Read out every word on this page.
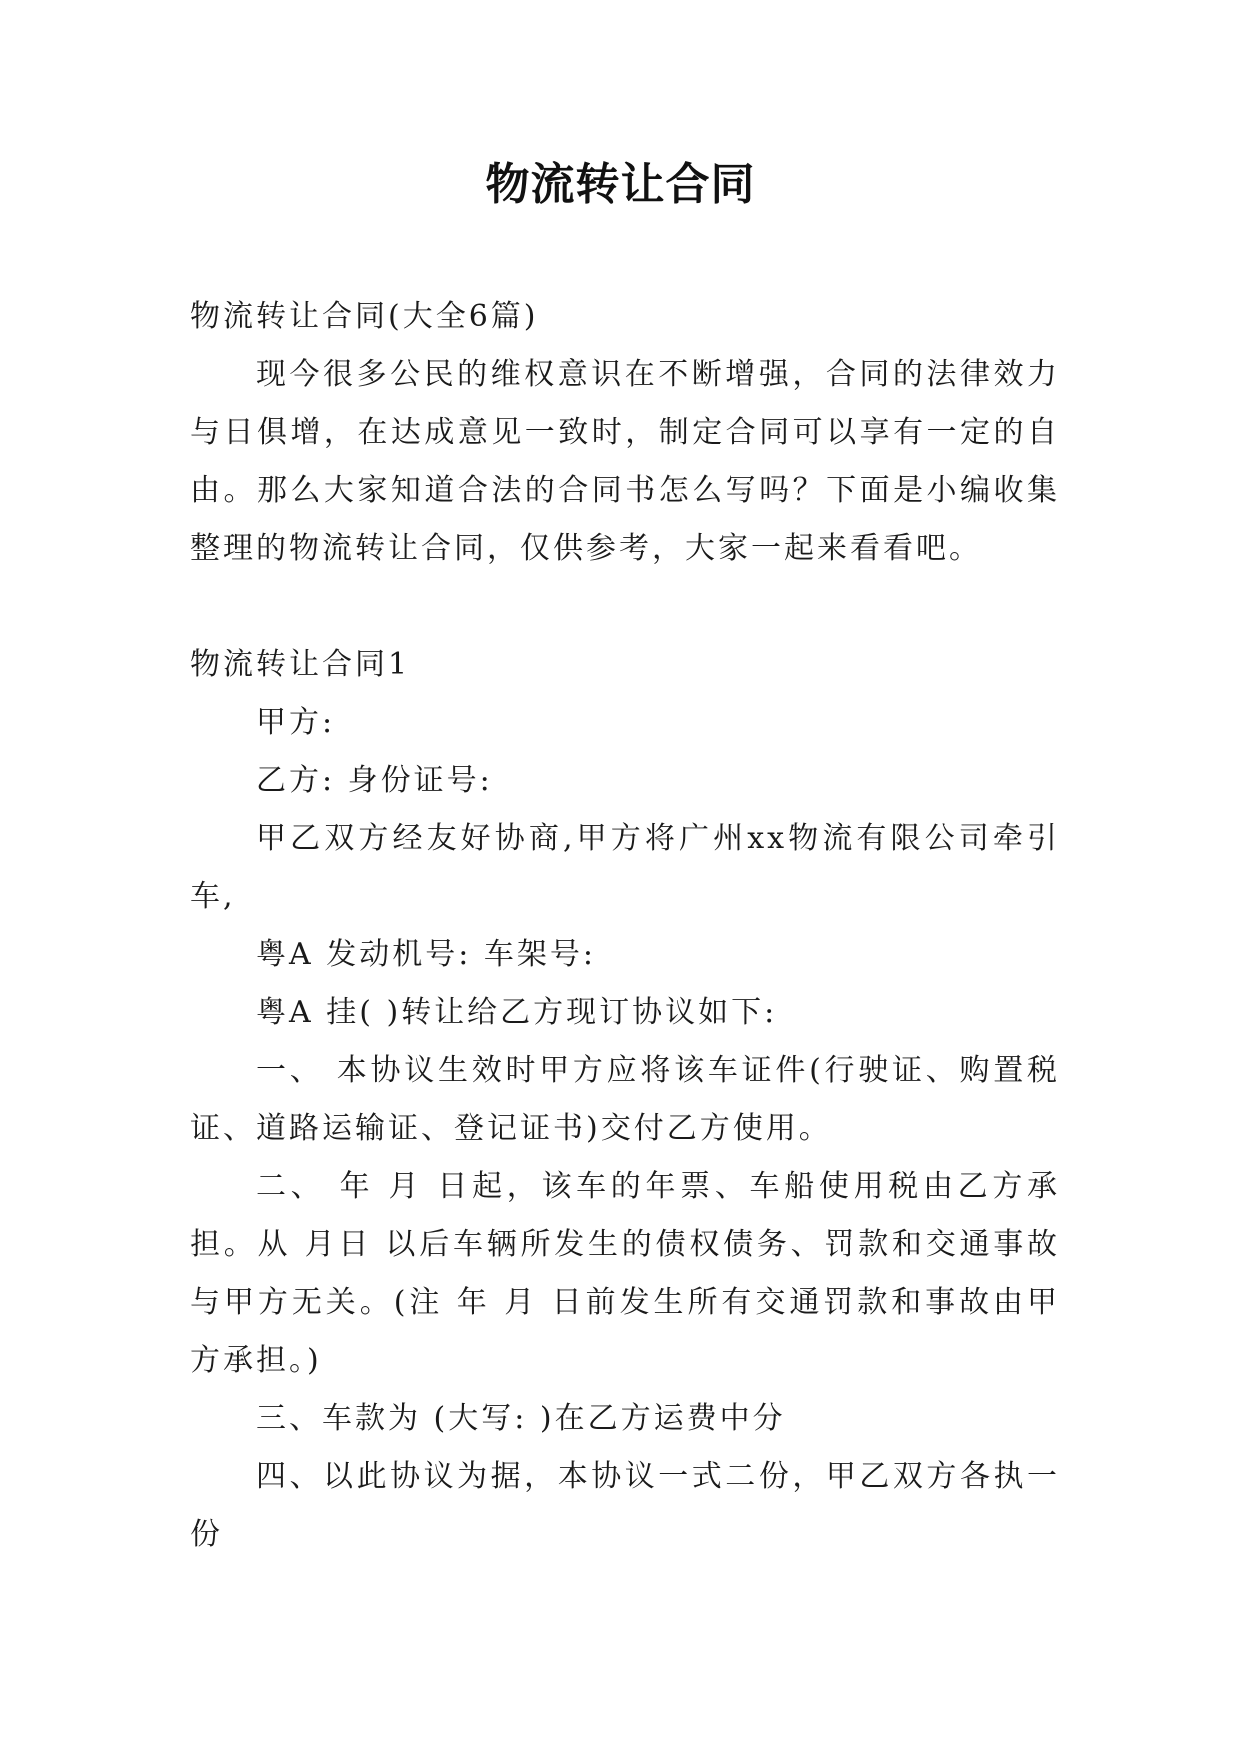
物流转让合同

物流转让合同(大全6篇)

现今很多公民的维权意识在不断增强，合同的法律效力与日俱增，在达成意见一致时，制定合同可以享有一定的自由。那么大家知道合法的合同书怎么写吗？下面是小编收集整理的物流转让合同，仅供参考，大家一起来看看吧。

物流转让合同1

甲方:

乙方: 身份证号:

甲乙双方经友好协商,甲方将广州xx物流有限公司牵引车,

粤A 发动机号: 车架号:

粤A 挂( )转让给乙方现订协议如下:

一、 本协议生效时甲方应将该车证件(行驶证、购置税证、道路运输证、登记证书)交付乙方使用。

二、 年 月 日起，该车的年票、车船使用税由乙方承担。从 月日 以后车辆所发生的债权债务、罚款和交通事故与甲方无关。(注 年 月 日前发生所有交通罚款和事故由甲方承担。)

三、车款为 (大写: )在乙方运费中分

四、以此协议为据，本协议一式二份，甲乙双方各执一份
